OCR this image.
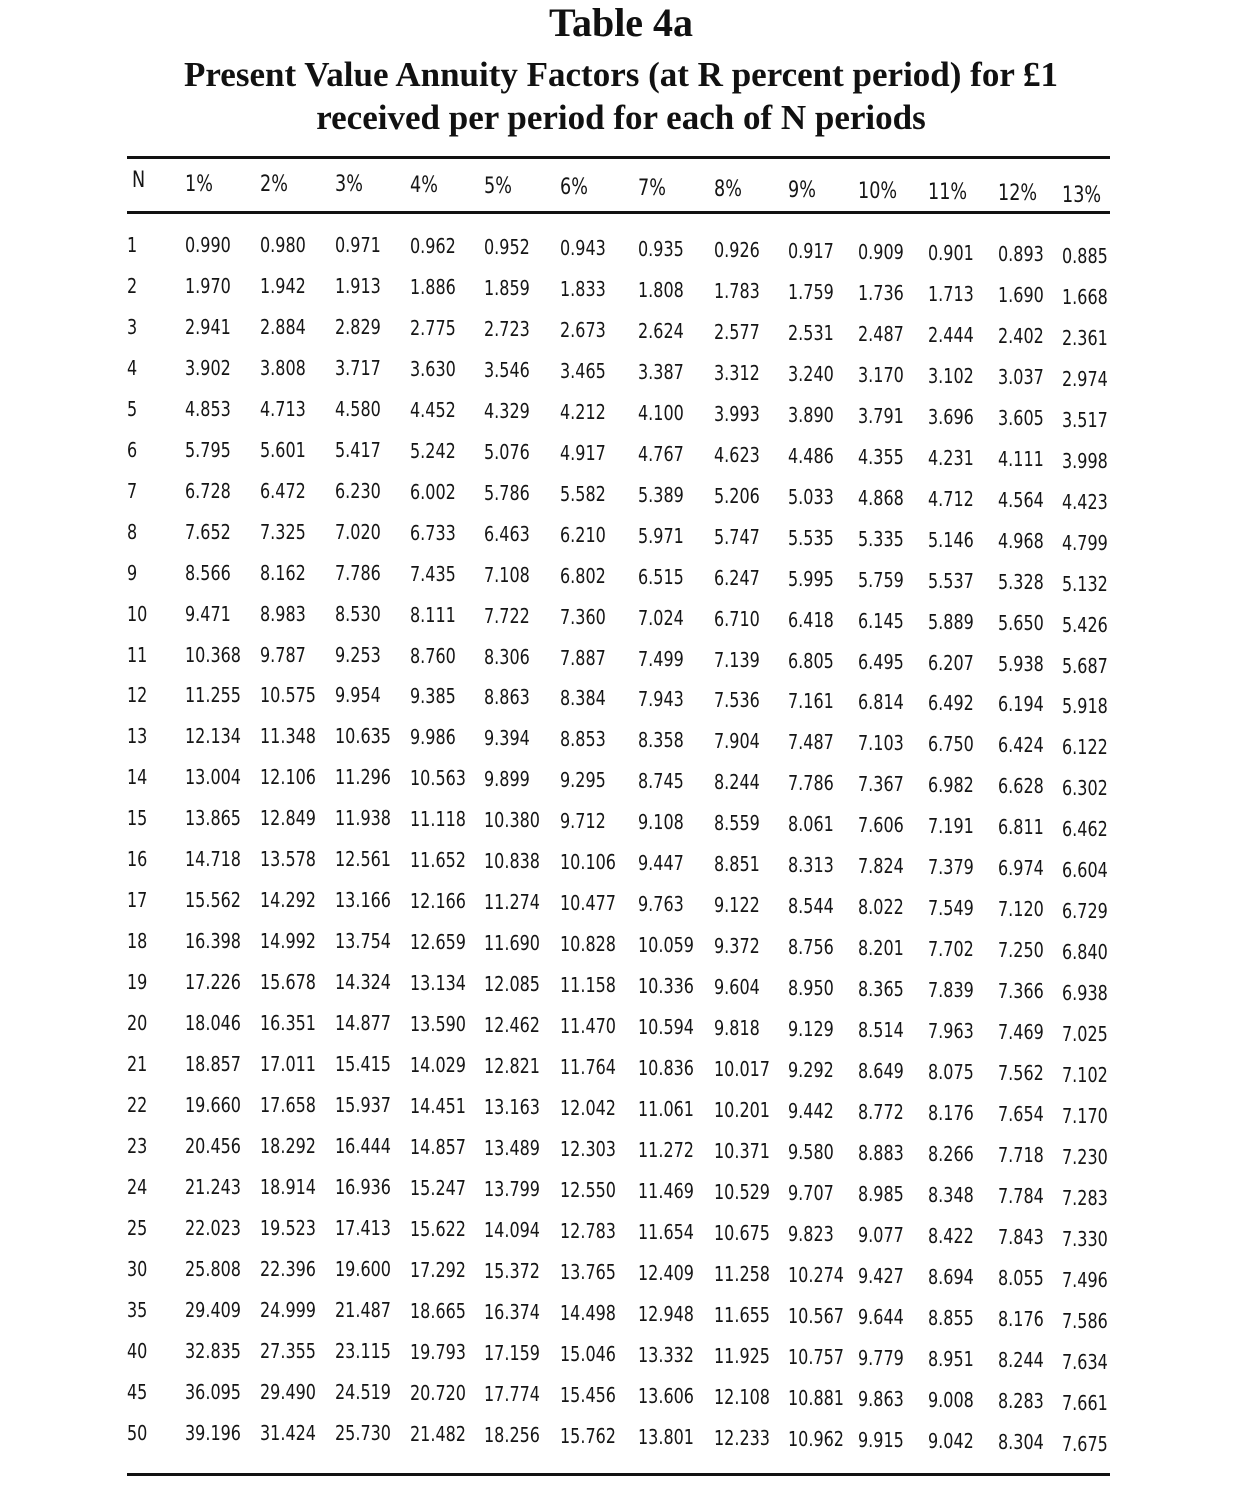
Table 4a
Present Value Annuity Factors (at R percent period) for £1
received per period for each of N periods
N 1% 2% 3% 4% 5% 6% 7% 8% 9% 10% 11% 12% 13%
1 0.990 0.980 0.971 0.962 0.952 0.943 0.935 0.926 0.917 0.909 0.901 0.893 0.885
2 1.970 1.942 1.913 1.886 1.859 1.833 1.808 1.783 1.759 1.736 1.713 1.690 1.668
3 2.941 2.884 2.829 2.775 2.723 2.673 2.624 2.577 2.531 2.487 2.444 2.402 2.361
4 3.902 3.808 3.717 3.630 3.546 3.465 3.387 3.312 3.240 3.170 3.102 3.037 2.974
5 4.853 4.713 4.580 4.452 4.329 4.212 4.100 3.993 3.890 3.791 3.696 3.605 3.517
6 5.795 5.601 5.417 5.242 5.076 4.917 4.767 4.623 4.486 4.355 4.231 4.111 3.998
7 6.728 6.472 6.230 6.002 5.786 5.582 5.389 5.206 5.033 4.868 4.712 4.564 4.423
8 7.652 7.325 7.020 6.733 6.463 6.210 5.971 5.747 5.535 5.335 5.146 4.968 4.799
9 8.566 8.162 7.786 7.435 7.108 6.802 6.515 6.247 5.995 5.759 5.537 5.328 5.132
10 9.471 8.983 8.530 8.111 7.722 7.360 7.024 6.710 6.418 6.145 5.889 5.650 5.426
11 10.368 9.787 9.253 8.760 8.306 7.887 7.499 7.139 6.805 6.495 6.207 5.938 5.687
12 11.255 10.575 9.954 9.385 8.863 8.384 7.943 7.536 7.161 6.814 6.492 6.194 5.918
13 12.134 11.348 10.635 9.986 9.394 8.853 8.358 7.904 7.487 7.103 6.750 6.424 6.122
14 13.004 12.106 11.296 10.563 9.899 9.295 8.745 8.244 7.786 7.367 6.982 6.628 6.302
15 13.865 12.849 11.938 11.118 10.380 9.712 9.108 8.559 8.061 7.606 7.191 6.811 6.462
16 14.718 13.578 12.561 11.652 10.838 10.106 9.447 8.851 8.313 7.824 7.379 6.974 6.604
17 15.562 14.292 13.166 12.166 11.274 10.477 9.763 9.122 8.544 8.022 7.549 7.120 6.729
18 16.398 14.992 13.754 12.659 11.690 10.828 10.059 9.372 8.756 8.201 7.702 7.250 6.840
19 17.226 15.678 14.324 13.134 12.085 11.158 10.336 9.604 8.950 8.365 7.839 7.366 6.938
20 18.046 16.351 14.877 13.590 12.462 11.470 10.594 9.818 9.129 8.514 7.963 7.469 7.025
21 18.857 17.011 15.415 14.029 12.821 11.764 10.836 10.017 9.292 8.649 8.075 7.562 7.102
22 19.660 17.658 15.937 14.451 13.163 12.042 11.061 10.201 9.442 8.772 8.176 7.654 7.170
23 20.456 18.292 16.444 14.857 13.489 12.303 11.272 10.371 9.580 8.883 8.266 7.718 7.230
24 21.243 18.914 16.936 15.247 13.799 12.550 11.469 10.529 9.707 8.985 8.348 7.784 7.283
25 22.023 19.523 17.413 15.622 14.094 12.783 11.654 10.675 9.823 9.077 8.422 7.843 7.330
30 25.808 22.396 19.600 17.292 15.372 13.765 12.409 11.258 10.274 9.427 8.694 8.055 7.496
35 29.409 24.999 21.487 18.665 16.374 14.498 12.948 11.655 10.567 9.644 8.855 8.176 7.586
40 32.835 27.355 23.115 19.793 17.159 15.046 13.332 11.925 10.757 9.779 8.951 8.244 7.634
45 36.095 29.490 24.519 20.720 17.774 15.456 13.606 12.108 10.881 9.863 9.008 8.283 7.661
50 39.196 31.424 25.730 21.482 18.256 15.762 13.801 12.233 10.962 9.915 9.042 8.304 7.675
